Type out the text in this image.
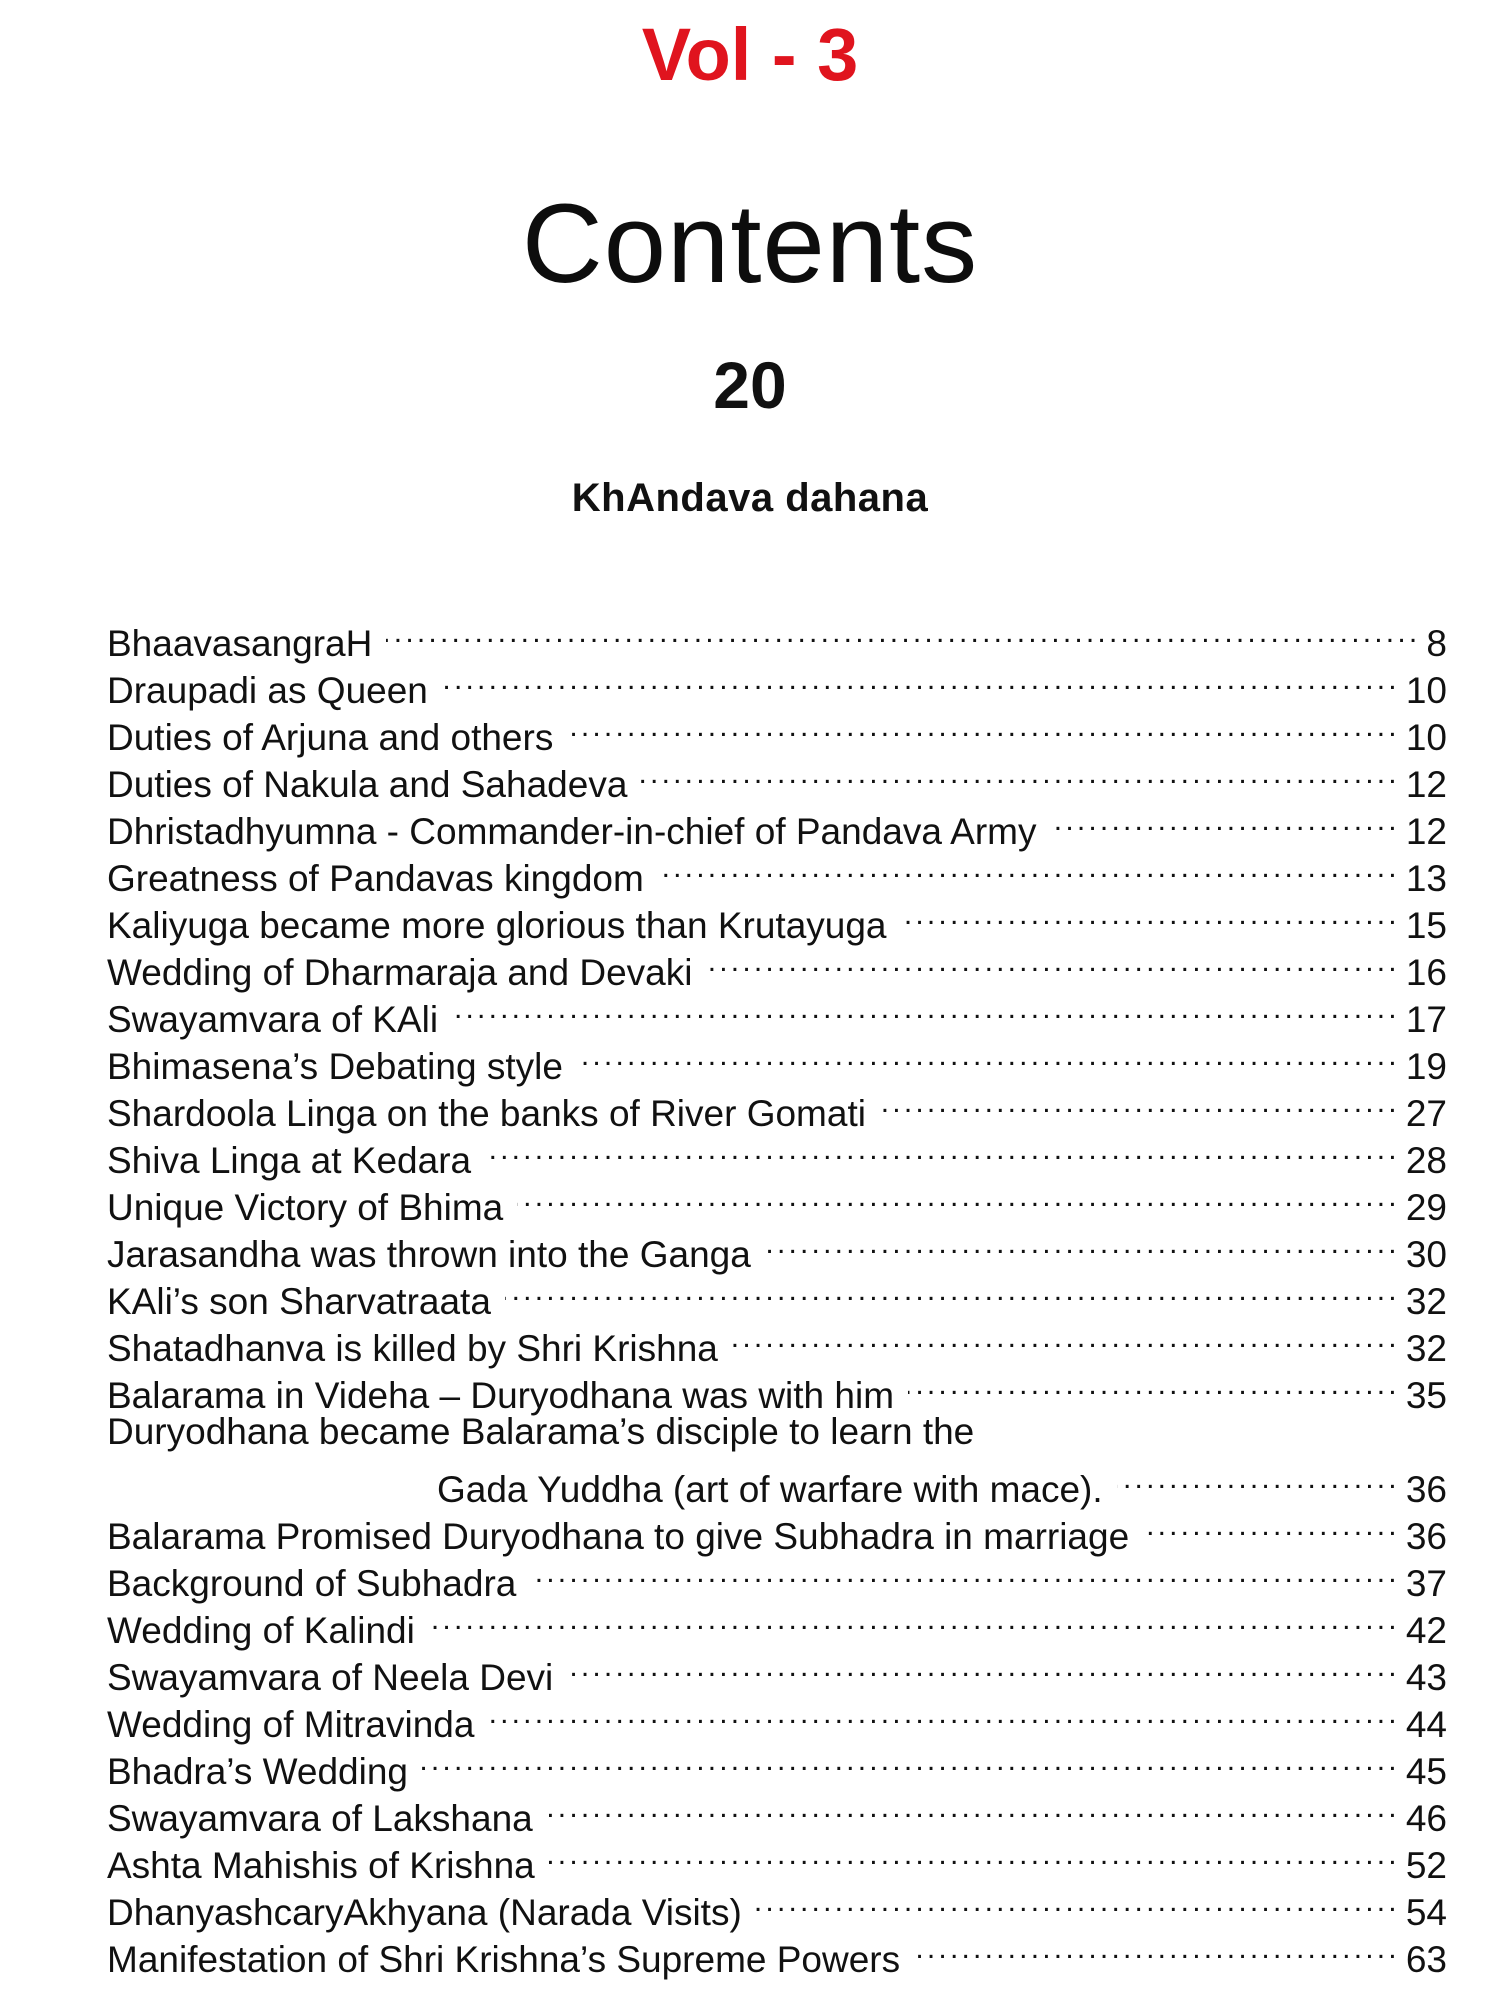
Vol - 3
Contents
20
KhAndava dahana
BhaavasangraH .....	8
Draupadi as Queen .....	10
Duties of Arjuna and others .....	10
Duties of Nakula and Sahadeva .....	12
Dhristadhyumna - Commander-in-chief of Pandava Army .....	12
Greatness of Pandavas kingdom .....	13
Kaliyuga became more glorious than Krutayuga .....	15
Wedding of Dharmaraja and Devaki .....	16
Swayamvara of KAli .....	17
Bhimasena’s Debating style .....	19
Shardoola Linga on the banks of River Gomati .....	27
Shiva Linga at Kedara .....	28
Unique Victory of Bhima .....	29
Jarasandha was thrown into the Ganga .....	30
KAli’s son Sharvatraata .....	32
Shatadhanva is killed by Shri Krishna .....	32
Balarama in Videha – Duryodhana was with him .....	35
Duryodhana became Balarama’s disciple to learn the
Gada Yuddha (art of warfare with mace). .....	36
Balarama Promised Duryodhana to give Subhadra in marriage .....	36
Background of Subhadra .....	37
Wedding of Kalindi .....	42
Swayamvara of Neela Devi .....	43
Wedding of Mitravinda .....	44
Bhadra’s Wedding .....	45
Swayamvara of Lakshana .....	46
Ashta Mahishis of Krishna .....	52
DhanyashcaryAkhyana (Narada Visits) .....	54
Manifestation of Shri Krishna’s Supreme Powers .....	63
